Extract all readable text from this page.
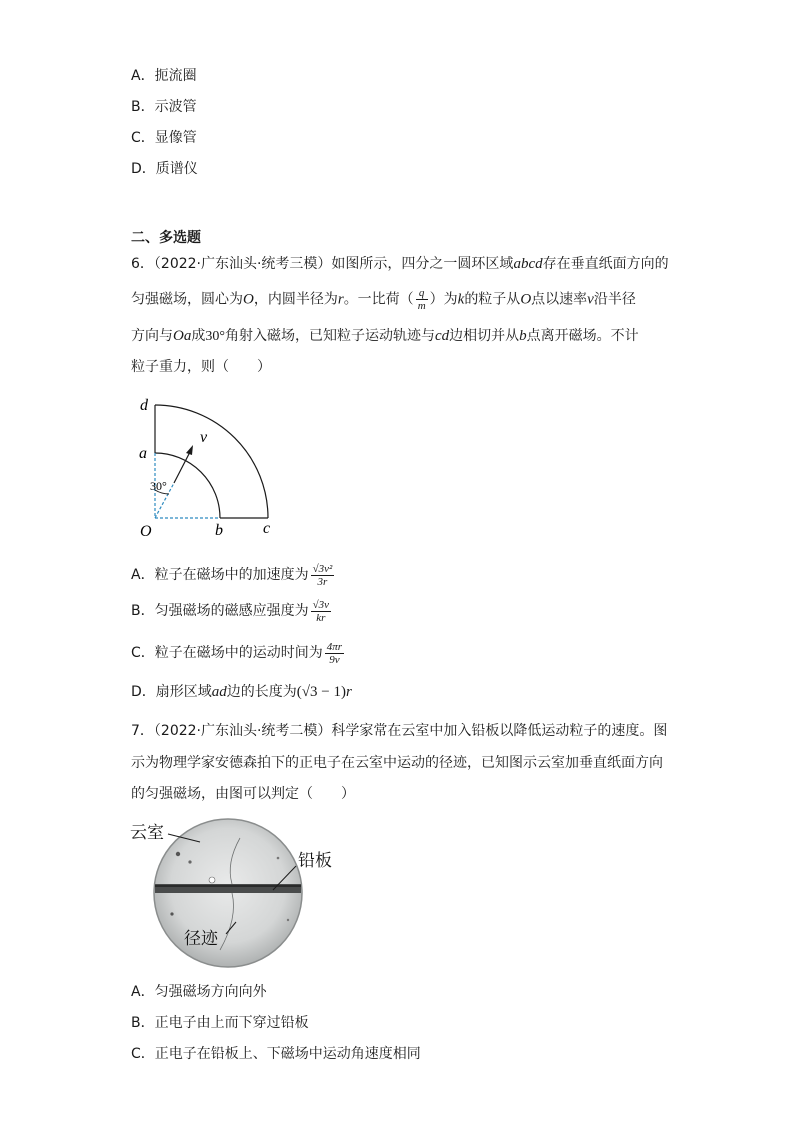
A．扼流圈
B．示波管
C．显像管
D．质谱仪
二、多选题
6．（2022·广东汕头·统考三模）如图所示，四分之一圆环区域abcd存在垂直纸面方向的
匀强磁场，圆心为O，内圆半径为r。一比荷（ $\frac{q}{m}$ ）为k的粒子从O点以速率v沿半径
方向与Oa成30°角射入磁场，已知粒子运动轨迹与cd边相切并从b点离开磁场。不计
粒子重力，则（　　）
d
a
v
30°
O	b	c
A．粒子在磁场中的加速度为 $\frac{\text{√3v²}}{3r}$
B．匀强磁场的磁感应强度为 $\frac{√3v}{kr}$
C．粒子在磁场中的运动时间为 $\frac{4\pi r}{9v}$
D．扇形区域ad边的长度为(√3 − 1)r
7．（2022·广东汕头·统考二模）科学家常在云室中加入铅板以降低运动粒子的速度。图
示为物理学家安德森拍下的正电子在云室中运动的径迹，已知图示云室加垂直纸面方向
的匀强磁场，由图可以判定（　　）
云室
铅板
径迹
A．匀强磁场方向向外
B．正电子由上而下穿过铅板
C．正电子在铅板上、下磁场中运动角速度相同
